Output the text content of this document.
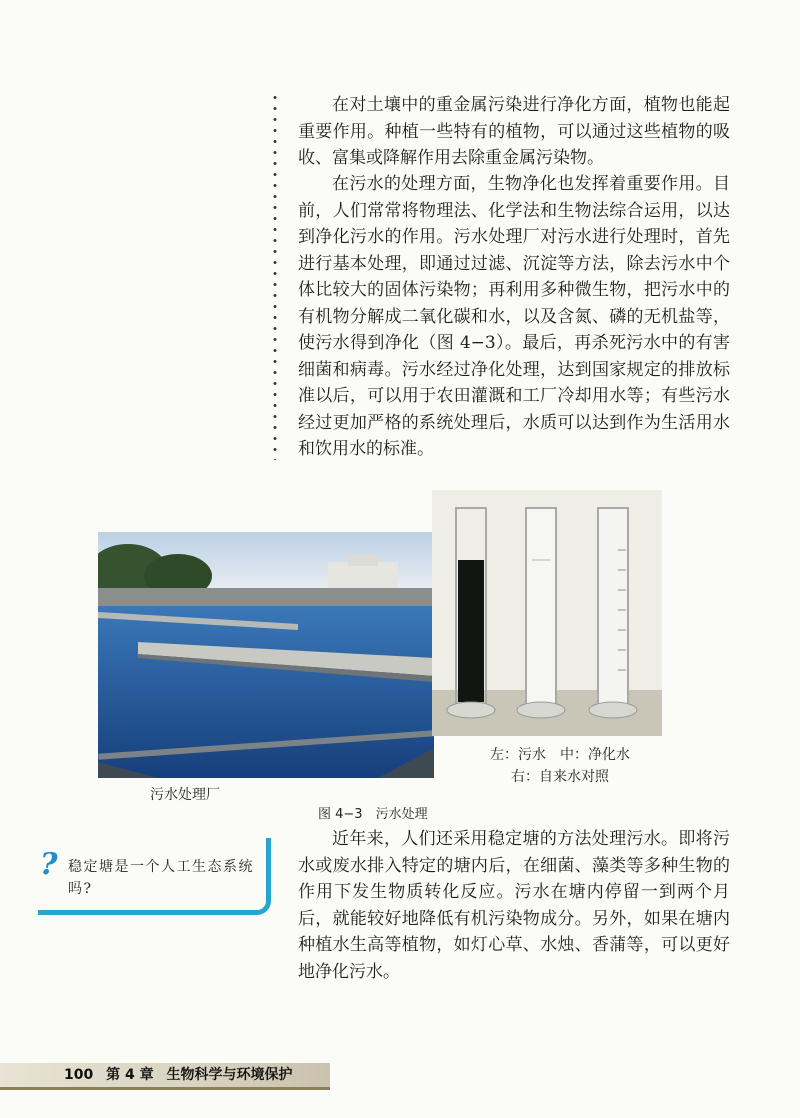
在对土壤中的重金属污染进行净化方面，植物也能起重要作用。种植一些特有的植物，可以通过这些植物的吸收、富集或降解作用去除重金属污染物。

在污水的处理方面，生物净化也发挥着重要作用。目前，人们常常将物理法、化学法和生物法综合运用，以达到净化污水的作用。污水处理厂对污水进行处理时，首先进行基本处理，即通过过滤、沉淀等方法，除去污水中个体比较大的固体污染物；再利用多种微生物，把污水中的有机物分解成二氧化碳和水，以及含氮、磷的无机盐等，使污水得到净化（图 4−3）。最后，再杀死污水中的有害细菌和病毒。污水经过净化处理，达到国家规定的排放标准以后，可以用于农田灌溉和工厂冷却用水等；有些污水经过更加严格的系统处理后，水质可以达到作为生活用水和饮用水的标准。

污水处理厂
左：污水　中：净化水
右：自来水对照
图 4−3　污水处理
? 稳定塘是一个人工生态系统吗?

近年来，人们还采用稳定塘的方法处理污水。即将污水或废水排入特定的塘内后，在细菌、藻类等多种生物的作用下发生物质转化反应。污水在塘内停留一到两个月后，就能较好地降低有机污染物成分。另外，如果在塘内种植水生高等植物，如灯心草、水烛、香蒲等，可以更好地净化污水。

100 第 4 章 生物科学与环境保护
